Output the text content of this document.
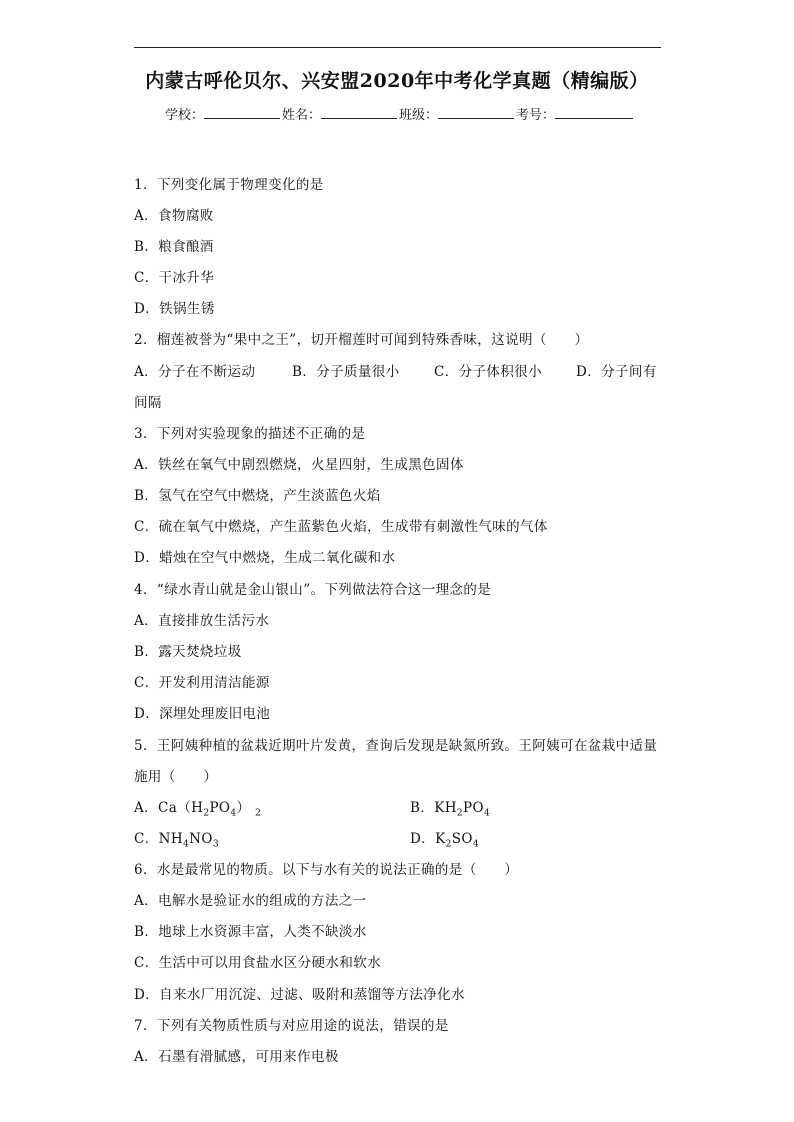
内蒙古呼伦贝尔、兴安盟2020年中考化学真题（精编版）
学校：	姓名：	班级：	考号：
1．下列变化属于物理变化的是
A．食物腐败
B．粮食酿酒
C．干冰升华
D．铁锅生锈
2．榴莲被誉为“果中之王”，切开榴莲时可闻到特殊香味，这说明（　　）
A．分子在不断运动	B．分子质量很小	C．分子体积很小	D．分子间有
间隔
3．下列对实验现象的描述不正确的是
A．铁丝在氧气中剧烈燃烧，火星四射，生成黑色固体
B．氢气在空气中燃烧，产生淡蓝色火焰
C．硫在氧气中燃烧，产生蓝紫色火焰，生成带有刺激性气味的气体
D．蜡烛在空气中燃烧，生成二氧化碳和水
4．“绿水青山就是金山银山”。下列做法符合这一理念的是
A．直接排放生活污水
B．露天焚烧垃圾
C．开发利用清洁能源
D．深埋处理废旧电池
5．王阿姨种植的盆栽近期叶片发黄，查询后发现是缺氮所致。王阿姨可在盆栽中适量
施用（　　）
A．$Ca(H_2PO_4)$ $_2$	B．$KH_2PO_4$
C．$NH_4NO_3$	D．$K_2SO_4$
6．水是最常见的物质。以下与水有关的说法正确的是（　　）
A．电解水是验证水的组成的方法之一
B．地球上水资源丰富，人类不缺淡水
C．生活中可以用食盐水区分硬水和软水
D．自来水厂用沉淀、过滤、吸附和蒸馏等方法净化水
7．下列有关物质性质与对应用途的说法，错误的是
A．石墨有滑腻感，可用来作电极
